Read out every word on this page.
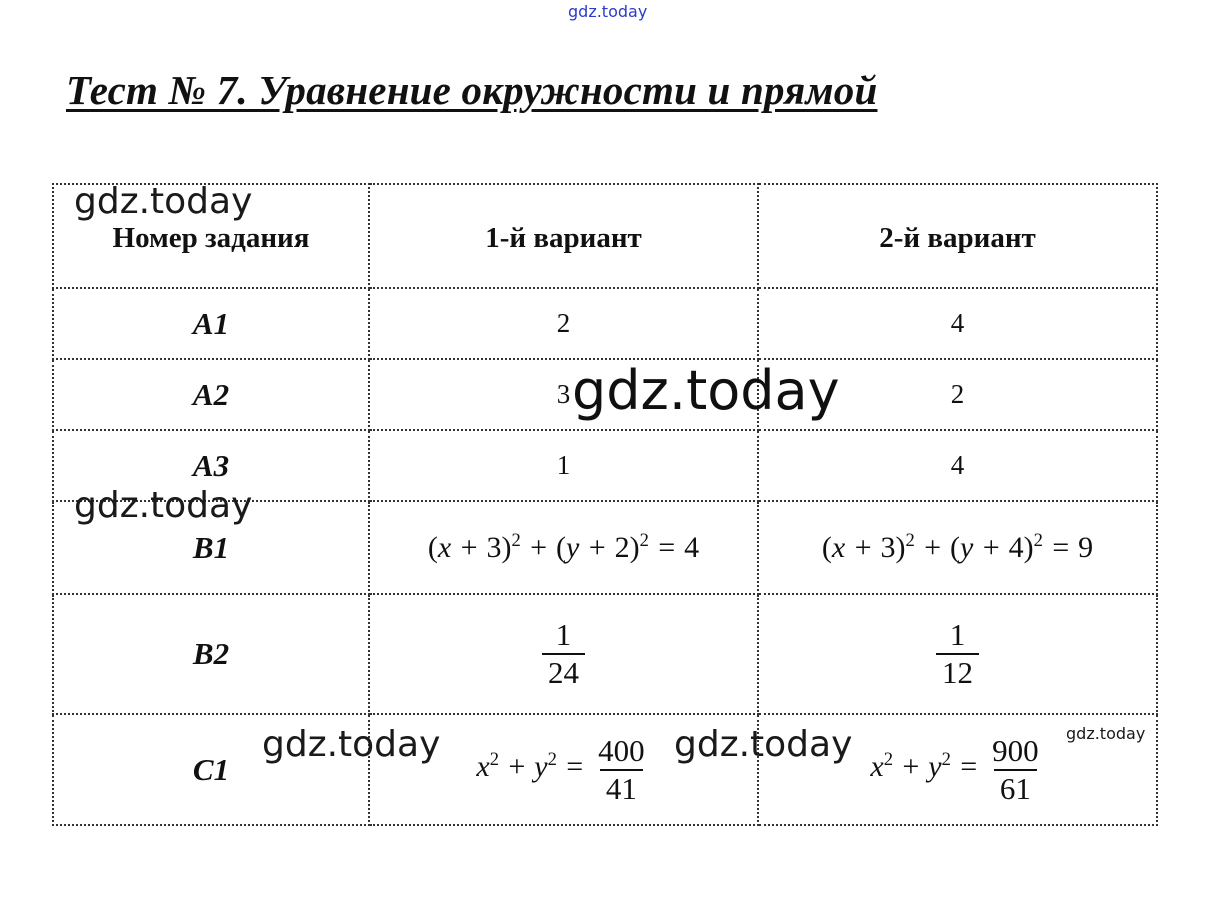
gdz.today
Тест № 7. Уравнение окружности и прямой
Номер задания	1-й вариант	2-й вариант
A1	2	4
A2	3	2
A3	1	4
B1	$(x + 3)^2 + (y + 2)^2 = 4$	$(x + 3)^2 + (y + 4)^2 = 9$
B2	$\frac{1}{24}$	$\frac{1}{12}$

C1	$x^2 + y^2 = \frac{400}{41}$	$x^2 + y^2 = \frac{900}{61}$
gdz.today
gdz.today
gdz.today
gdz.today	gdz.today	gdz.today
